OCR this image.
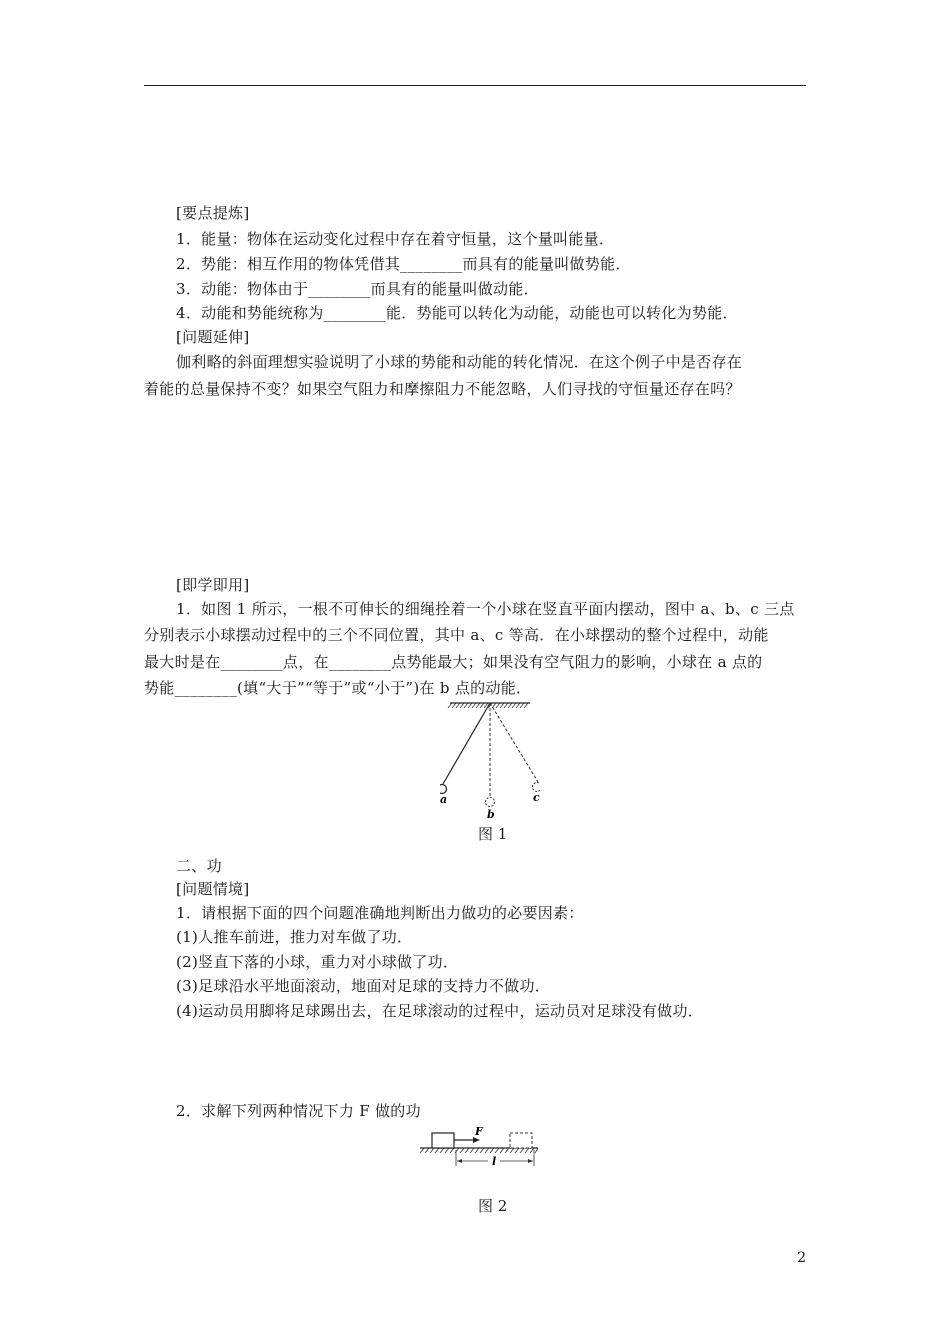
[要点提炼]
1．能量：物体在运动变化过程中存在着守恒量，这个量叫能量．
2．势能：相互作用的物体凭借其________而具有的能量叫做势能．
3．动能：物体由于________而具有的能量叫做动能．
4．动能和势能统称为________能．势能可以转化为动能，动能也可以转化为势能．
[问题延伸]
伽利略的斜面理想实验说明了小球的势能和动能的转化情况．在这个例子中是否存在
着能的总量保持不变？如果空气阻力和摩擦阻力不能忽略，人们寻找的守恒量还存在吗？
[即学即用]
1．如图 1 所示，一根不可伸长的细绳拴着一个小球在竖直平面内摆动，图中 a、b、c 三点
分别表示小球摆动过程中的三个不同位置，其中 a、c 等高．在小球摆动的整个过程中，动能
最大时是在________点，在________点势能最大；如果没有空气阻力的影响，小球在 a 点的
势能________(填“大于”“等于”或“小于”)在 b 点的动能．
a
b
c
图 1
二、功
[问题情境]
1．请根据下面的四个问题准确地判断出力做功的必要因素：
(1)人推车前进，推力对车做了功．
(2)竖直下落的小球，重力对小球做了功．
(3)足球沿水平地面滚动，地面对足球的支持力不做功．
(4)运动员用脚将足球踢出去，在足球滚动的过程中，运动员对足球没有做功．
2．求解下列两种情况下力 F 做的功
F
l
图 2
2
